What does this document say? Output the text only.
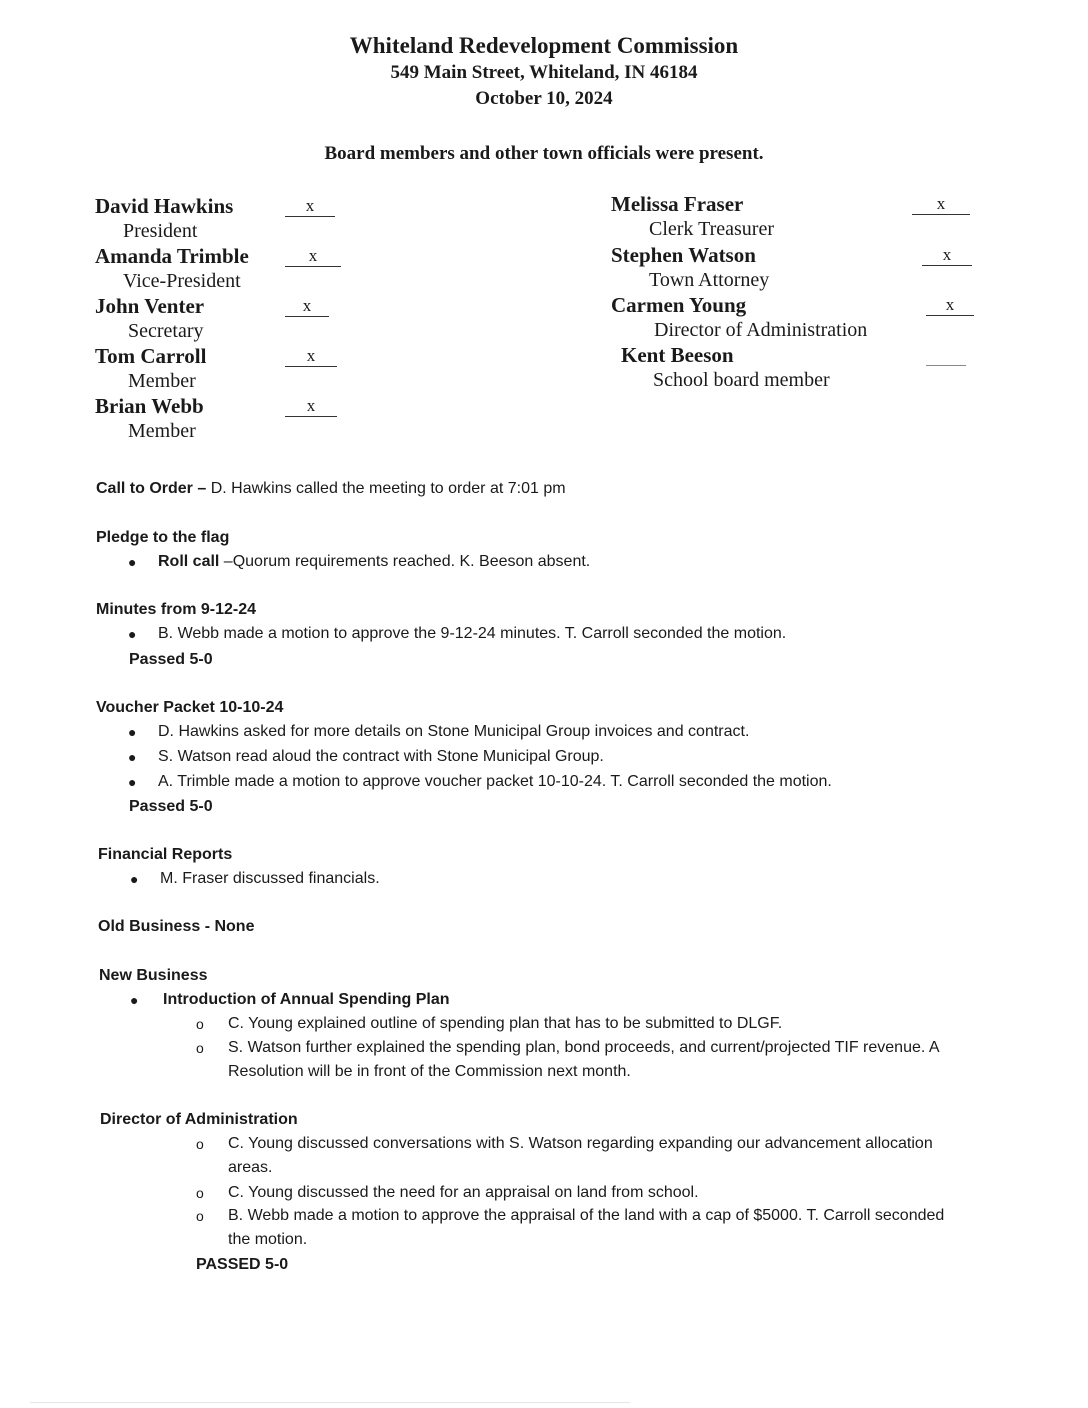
Whiteland Redevelopment Commission
549 Main Street, Whiteland, IN 46184
October 10, 2024
Board members and other town officials were present.
David Hawkins
President
x
Amanda Trimble
Vice-President
x
John Venter
Secretary
x
Tom Carroll
Member
x
Brian Webb
Member
x
Melissa Fraser
Clerk Treasurer
x
Stephen Watson
Town Attorney
x
Carmen Young
Director of Administration
x
Kent Beeson
School board member
Call to Order – D. Hawkins called the meeting to order at 7:01 pm
Pledge to the flag
● Roll call –Quorum requirements reached. K. Beeson absent.
Minutes from 9-12-24
● B. Webb made a motion to approve the 9-12-24 minutes. T. Carroll seconded the motion.
Passed 5-0
Voucher Packet 10-10-24
● D. Hawkins asked for more details on Stone Municipal Group invoices and contract.
● S. Watson read aloud the contract with Stone Municipal Group.
● A. Trimble made a motion to approve voucher packet 10-10-24. T. Carroll seconded the motion.
Passed 5-0
Financial Reports
● M. Fraser discussed financials.
Old Business - None
New Business
● Introduction of Annual Spending Plan
o C. Young explained outline of spending plan that has to be submitted to DLGF.
o S. Watson further explained the spending plan, bond proceeds, and current/projected TIF revenue. A Resolution will be in front of the Commission next month.
Director of Administration
o C. Young discussed conversations with S. Watson regarding expanding our advancement allocation areas.
o C. Young discussed the need for an appraisal on land from school.
o B. Webb made a motion to approve the appraisal of the land with a cap of $5000. T. Carroll seconded the motion.
PASSED 5-0
